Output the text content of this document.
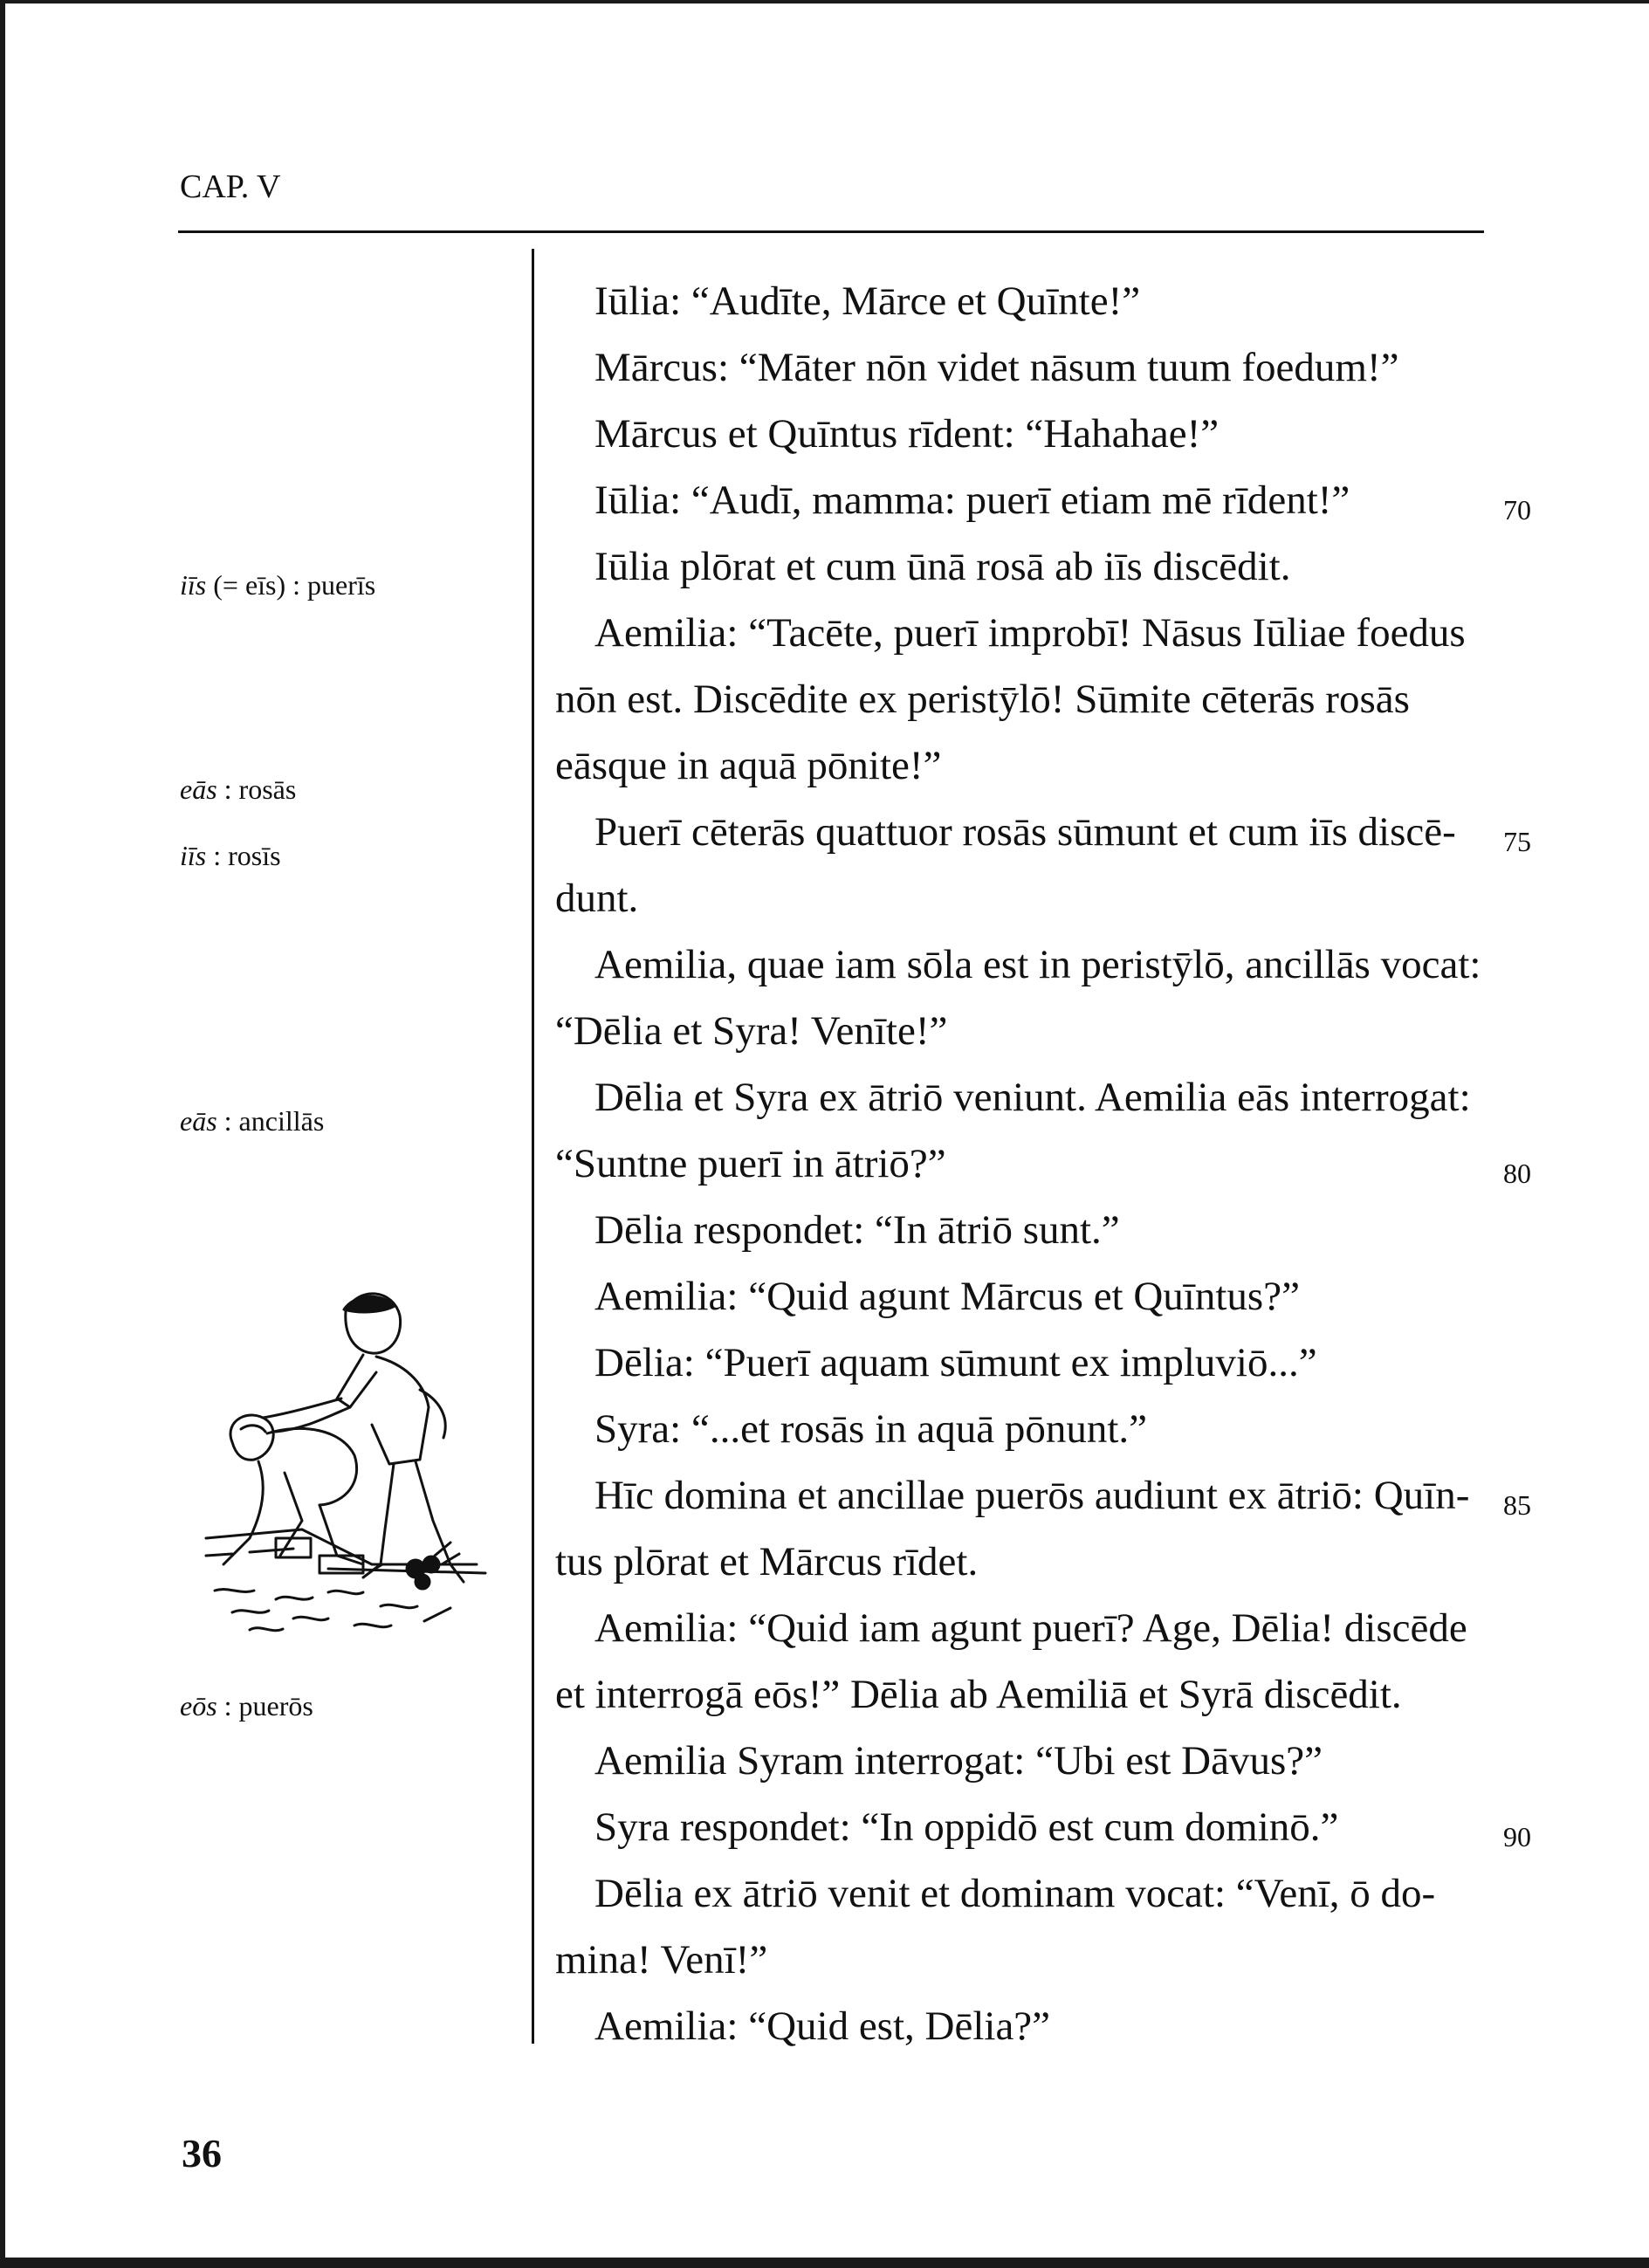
CAP. V
iīs (= eīs) : puerīs
eās : rosās
iīs : rosīs
eās : ancillās
eōs : puerōs
Iūlia: “Audīte, Mārce et Quīnte!”
Mārcus: “Māter nōn videt nāsum tuum foedum!”
Mārcus et Quīntus rīdent: “Hahahae!”
Iūlia: “Audī, mamma: puerī etiam mē rīdent!”
Iūlia plōrat et cum ūnā rosā ab iīs discēdit.
Aemilia: “Tacēte, puerī improbī! Nāsus Iūliae foedus
nōn est. Discēdite ex peristȳlō! Sūmite cēterās rosās
eāsque in aquā pōnite!”
Puerī cēterās quattuor rosās sūmunt et cum iīs discē-
dunt.
Aemilia, quae iam sōla est in peristȳlō, ancillās vocat:
“Dēlia et Syra! Venīte!”
Dēlia et Syra ex ātriō veniunt. Aemilia eās interrogat:
“Suntne puerī in ātriō?”
Dēlia respondet: “In ātriō sunt.”
Aemilia: “Quid agunt Mārcus et Quīntus?”
Dēlia: “Puerī aquam sūmunt ex impluviō...”
Syra: “...et rosās in aquā pōnunt.”
Hīc domina et ancillae puerōs audiunt ex ātriō: Quīn-
tus plōrat et Mārcus rīdet.
Aemilia: “Quid iam agunt puerī? Age, Dēlia! discēde
et interrogā eōs!” Dēlia ab Aemiliā et Syrā discēdit.
Aemilia Syram interrogat: “Ubi est Dāvus?”
Syra respondet: “In oppidō est cum dominō.”
Dēlia ex ātriō venit et dominam vocat: “Venī, ō do-
mina! Venī!”
Aemilia: “Quid est, Dēlia?”
70
75
80
85
90
36
